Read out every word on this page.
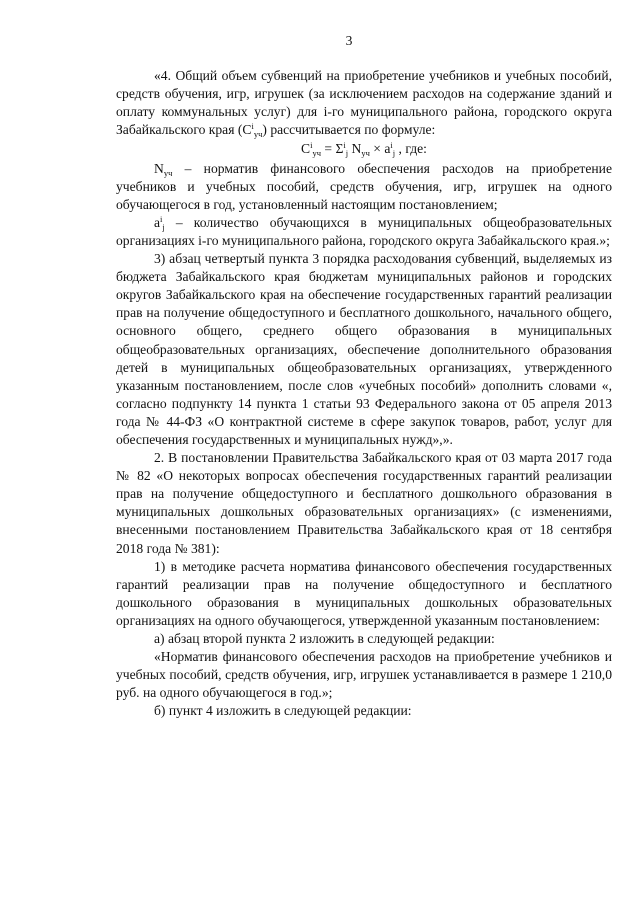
3

«4. Общий объем субвенций на приобретение учебников и учебных пособий, средств обучения, игр, игрушек (за исключением расходов на содержание зданий и оплату коммунальных услуг) для i-го муниципального района, городского округа Забайкальского края $(C^i_{уч})$ рассчитывается по формуле:

$C^i_{уч} = \Sigma^i_j$ $N_{уч} \times a^i_j$ , где:

$N_{уч}$ – норматив финансового обеспечения расходов на приобретение учебников и учебных пособий, средств обучения, игр, игрушек на одного обучающегося в год, установленный настоящим постановлением;

$a^i_j$ – количество обучающихся в муниципальных общеобразовательных организациях i-го муниципального района, городского округа Забайкальского края.»;

3) абзац четвертый пункта 3 порядка расходования субвенций, выделяемых из бюджета Забайкальского края бюджетам муниципальных районов и городских округов Забайкальского края на обеспечение государственных гарантий реализации прав на получение общедоступного и бесплатного дошкольного, начального общего, основного общего, среднего общего образования в муниципальных общеобразовательных организациях, обеспечение дополнительного образования детей в муниципальных общеобразовательных организациях, утвержденного указанным постановлением, после слов «учебных пособий» дополнить словами «, согласно подпункту 14 пункта 1 статьи 93 Федерального закона от 05 апреля 2013 года № 44-ФЗ «О контрактной системе в сфере закупок товаров, работ, услуг для обеспечения государственных и муниципальных нужд»,».

2. В постановлении Правительства Забайкальского края от 03 марта 2017 года № 82 «О некоторых вопросах обеспечения государственных гарантий реализации прав на получение общедоступного и бесплатного дошкольного образования в муниципальных дошкольных образовательных организациях» (с изменениями, внесенными постановлением Правительства Забайкальского края от 18 сентября 2018 года № 381):

1) в методике расчета норматива финансового обеспечения государственных гарантий реализации прав на получение общедоступного и бесплатного дошкольного образования в муниципальных дошкольных образовательных организациях на одного обучающегося, утвержденной указанным постановлением:

а) абзац второй пункта 2 изложить в следующей редакции:

«Норматив финансового обеспечения расходов на приобретение учебников и учебных пособий, средств обучения, игр, игрушек устанавливается в размере 1 210,0 руб. на одного обучающегося в год.»;

б) пункт 4 изложить в следующей редакции:
